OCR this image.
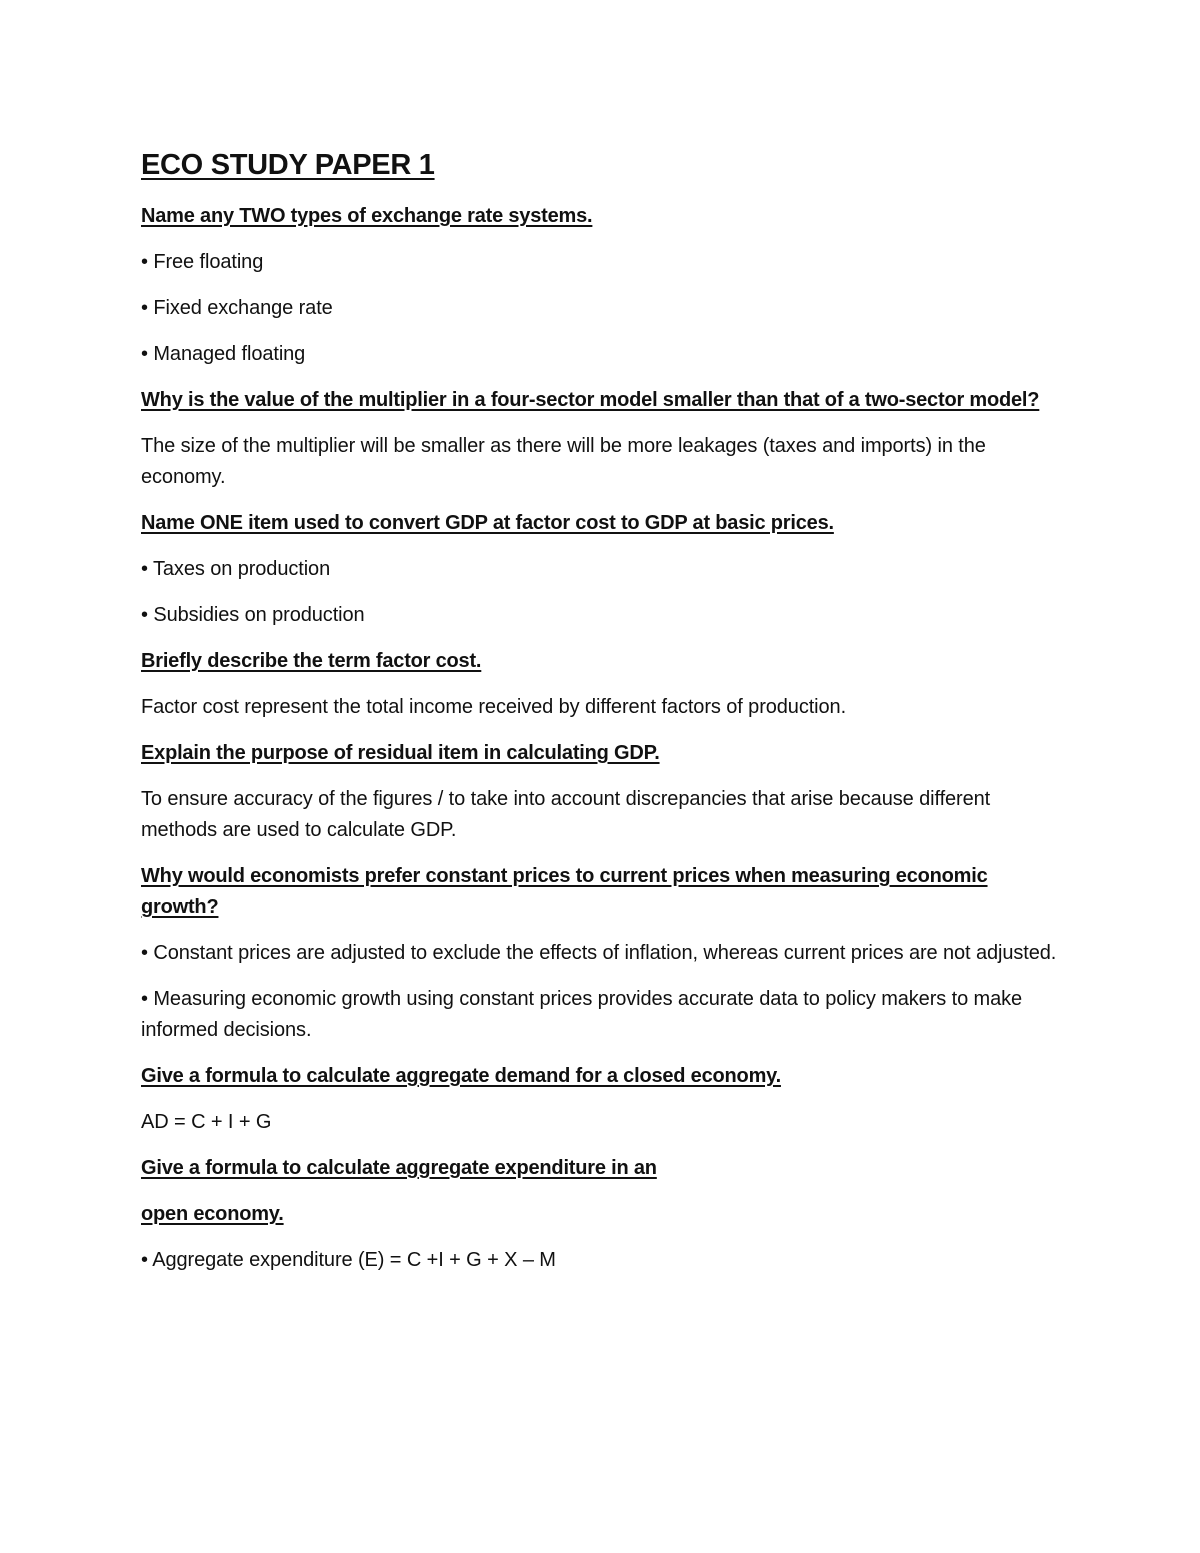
ECO STUDY PAPER 1
Name any TWO types of exchange rate systems.
• Free floating
• Fixed exchange rate
• Managed floating
Why is the value of the multiplier in a four-sector model smaller than that of a two-sector model?
The size of the multiplier will be smaller as there will be more leakages (taxes and imports) in the economy.
Name ONE item used to convert GDP at factor cost to GDP at basic prices.
• Taxes on production
• Subsidies on production
Briefly describe the term factor cost.
Factor cost represent the total income received by different factors of production.
Explain the purpose of residual item in calculating GDP.
To ensure accuracy of the figures / to take into account discrepancies that arise because different methods are used to calculate GDP.
Why would economists prefer constant prices to current prices when measuring economic growth?
• Constant prices are adjusted to exclude the effects of inflation, whereas current prices are not adjusted.
• Measuring economic growth using constant prices provides accurate data to policy makers to make informed decisions.
Give a formula to calculate aggregate demand for a closed economy.
AD = C + I + G
Give a formula to calculate aggregate expenditure in an
open economy.
• Aggregate expenditure (E) = C +I + G + X – M
